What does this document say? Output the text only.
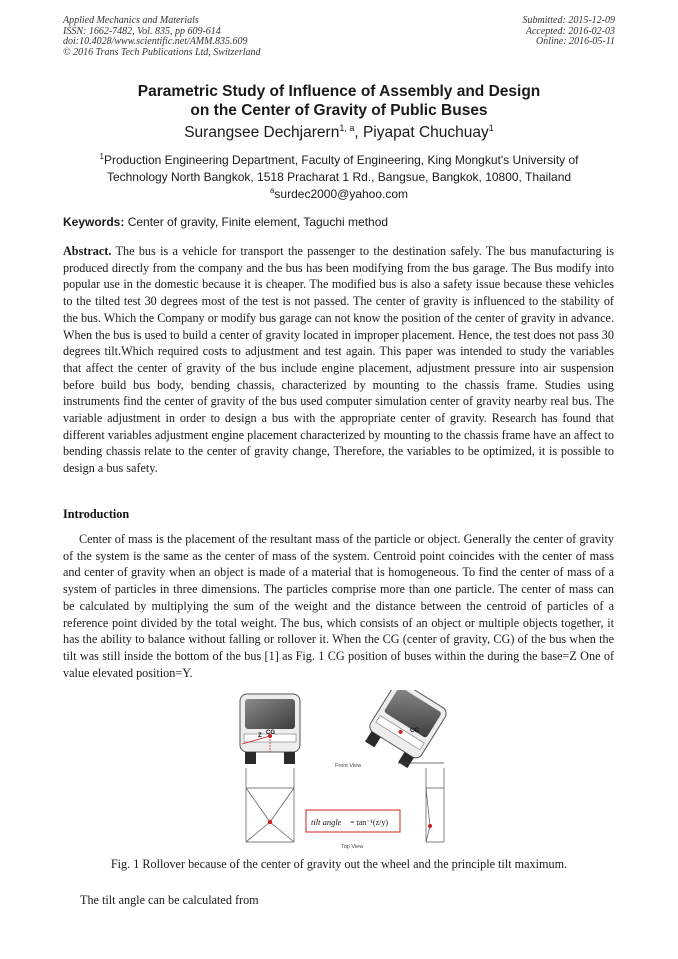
Applied Mechanics and Materials
ISSN: 1662-7482, Vol. 835, pp 609-614
doi:10.4028/www.scientific.net/AMM.835.609
© 2016 Trans Tech Publications Ltd, Switzerland
Submitted: 2015-12-09
Accepted: 2016-02-03
Online: 2016-05-11
Parametric Study of Influence of Assembly and Design
on the Center of Gravity of Public Buses
Surangsee Dechjarern$^{1, a}$, Piyapat Chuchuay$^1$
$^1$Production Engineering Department, Faculty of Engineering, King Mongkut's University of Technology North Bangkok, 1518 Pracharat 1 Rd., Bangsue, Bangkok, 10800, Thailand
$^a$surdec2000@yahoo.com
Keywords: Center of gravity, Finite element, Taguchi method

Abstract. The bus is a vehicle for transport the passenger to the destination safely. The bus manufacturing is produced directly from the company and the bus has been modifying from the bus garage. The Bus modify into popular use in the domestic because it is cheaper. The modified bus is also a safety issue because these vehicles to the tilted test 30 degrees most of the test is not passed. The center of gravity is influenced to the stability of the bus. Which the Company or modify bus garage can not know the position of the center of gravity in advance. When the bus is used to build a center of gravity located in improper placement. Hence, the test does not pass 30 degrees tilt.Which required costs to adjustment and test again. This paper was intended to study the variables that affect the center of gravity of the bus include engine placement, adjustment pressure into air suspension before build bus body, bending chassis, characterized by mounting to the chassis frame. Studies using instruments find the center of gravity of the bus used computer simulation center of gravity nearby real bus. The variable adjustment in order to design a bus with the appropriate center of gravity. Research has found that different variables adjustment engine placement characterized by mounting to the chassis frame have an affect to bending chassis relate to the center of gravity change, Therefore, the variables to be optimized, it is possible to design a bus safety.

Introduction

Center of mass is the placement of the resultant mass of the particle or object. Generally the center of gravity of the system is the same as the center of mass of the system. Centroid point coincides with the center of mass and center of gravity when an object is made of a material that is homogeneous. To find the center of mass of a system of particles in three dimensions. The particles comprise more than one particle. The center of mass can be calculated by multiplying the sum of the weight and the distance between the centroid of particles of a reference point divided by the total weight. The bus, which consists of an object or multiple objects together, it has the ability to balance without falling or rollover it. When the CG (center of gravity, CG) of the bus when the tilt was still inside the bottom of the bus [1] as Fig. 1 CG position of buses within the during the base=Z One of value elevated position=Y.

Z CG	CG
Front View
Top View
tilt angle = tan⁻¹(z/y)
Fig. 1 Rollover because of the center of gravity out the wheel and the principle tilt maximum.
The tilt angle can be calculated from
